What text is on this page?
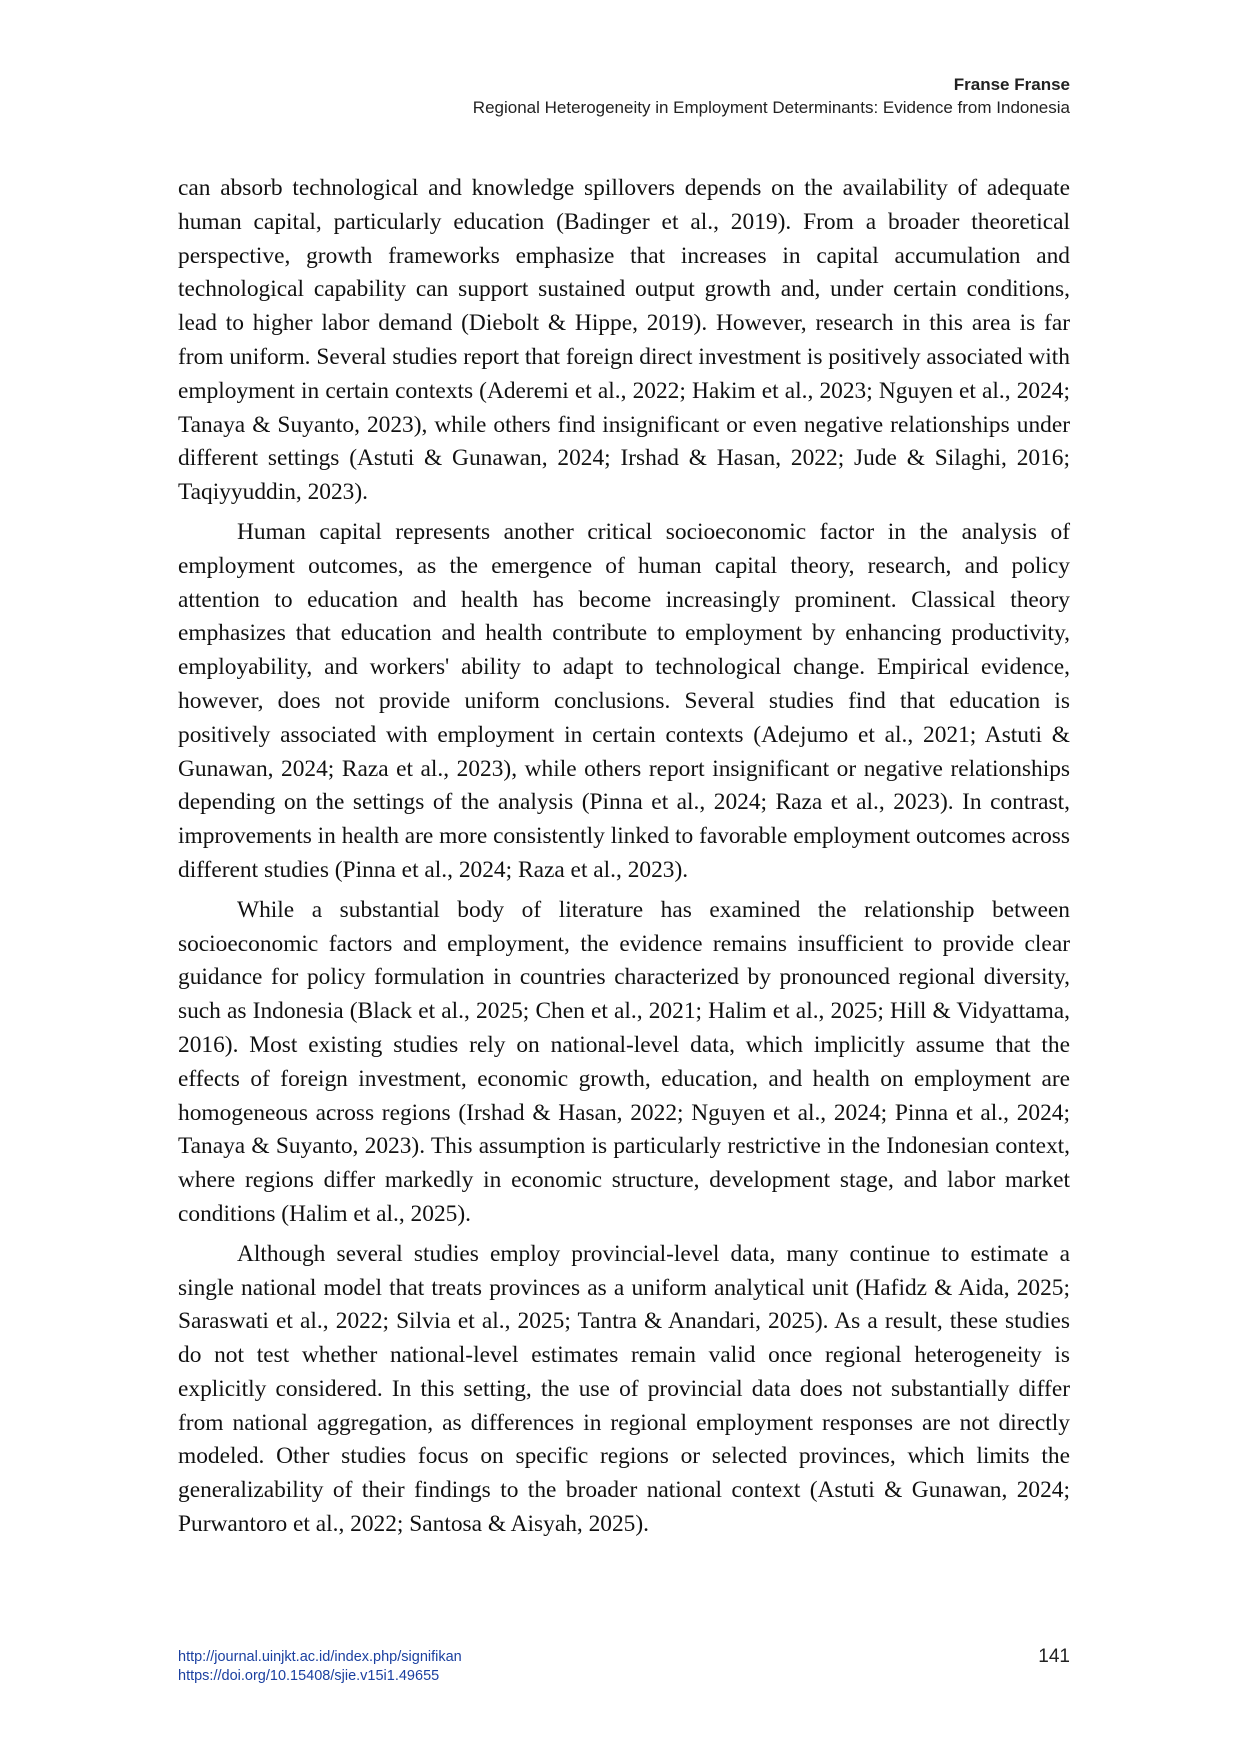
Franse Franse
Regional Heterogeneity in Employment Determinants: Evidence from Indonesia

can absorb technological and knowledge spillovers depends on the availability of adequate human capital, particularly education (Badinger et al., 2019). From a broader theoretical perspective, growth frameworks emphasize that increases in capital accumulation and technological capability can support sustained output growth and, under certain conditions, lead to higher labor demand (Diebolt & Hippe, 2019). However, research in this area is far from uniform. Several studies report that foreign direct investment is positively associated with employment in certain contexts (Aderemi et al., 2022; Hakim et al., 2023; Nguyen et al., 2024; Tanaya & Suyanto, 2023), while others find insignificant or even negative relationships under different settings (Astuti & Gunawan, 2024; Irshad & Hasan, 2022; Jude & Silaghi, 2016; Taqiyyuddin, 2023).

Human capital represents another critical socioeconomic factor in the analysis of employment outcomes, as the emergence of human capital theory, research, and policy attention to education and health has become increasingly prominent. Classical theory emphasizes that education and health contribute to employment by enhancing productivity, employability, and workers' ability to adapt to technological change. Empirical evidence, however, does not provide uniform conclusions. Several studies find that education is positively associated with employment in certain contexts (Adejumo et al., 2021; Astuti & Gunawan, 2024; Raza et al., 2023), while others report insignificant or negative relationships depending on the settings of the analysis (Pinna et al., 2024; Raza et al., 2023). In contrast, improvements in health are more consistently linked to favorable employment outcomes across different studies (Pinna et al., 2024; Raza et al., 2023).

While a substantial body of literature has examined the relationship between socioeconomic factors and employment, the evidence remains insufficient to provide clear guidance for policy formulation in countries characterized by pronounced regional diversity, such as Indonesia (Black et al., 2025; Chen et al., 2021; Halim et al., 2025; Hill & Vidyattama, 2016). Most existing studies rely on national-level data, which implicitly assume that the effects of foreign investment, economic growth, education, and health on employment are homogeneous across regions (Irshad & Hasan, 2022; Nguyen et al., 2024; Pinna et al., 2024; Tanaya & Suyanto, 2023). This assumption is particularly restrictive in the Indonesian context, where regions differ markedly in economic structure, development stage, and labor market conditions (Halim et al., 2025).

Although several studies employ provincial-level data, many continue to estimate a single national model that treats provinces as a uniform analytical unit (Hafidz & Aida, 2025; Saraswati et al., 2022; Silvia et al., 2025; Tantra & Anandari, 2025). As a result, these studies do not test whether national-level estimates remain valid once regional heterogeneity is explicitly considered. In this setting, the use of provincial data does not substantially differ from national aggregation, as differences in regional employment responses are not directly modeled. Other studies focus on specific regions or selected provinces, which limits the generalizability of their findings to the broader national context (Astuti & Gunawan, 2024; Purwantoro et al., 2022; Santosa & Aisyah, 2025).

http://journal.uinjkt.ac.id/index.php/signifikan
https://doi.org/10.15408/sjie.v15i1.49655
141
